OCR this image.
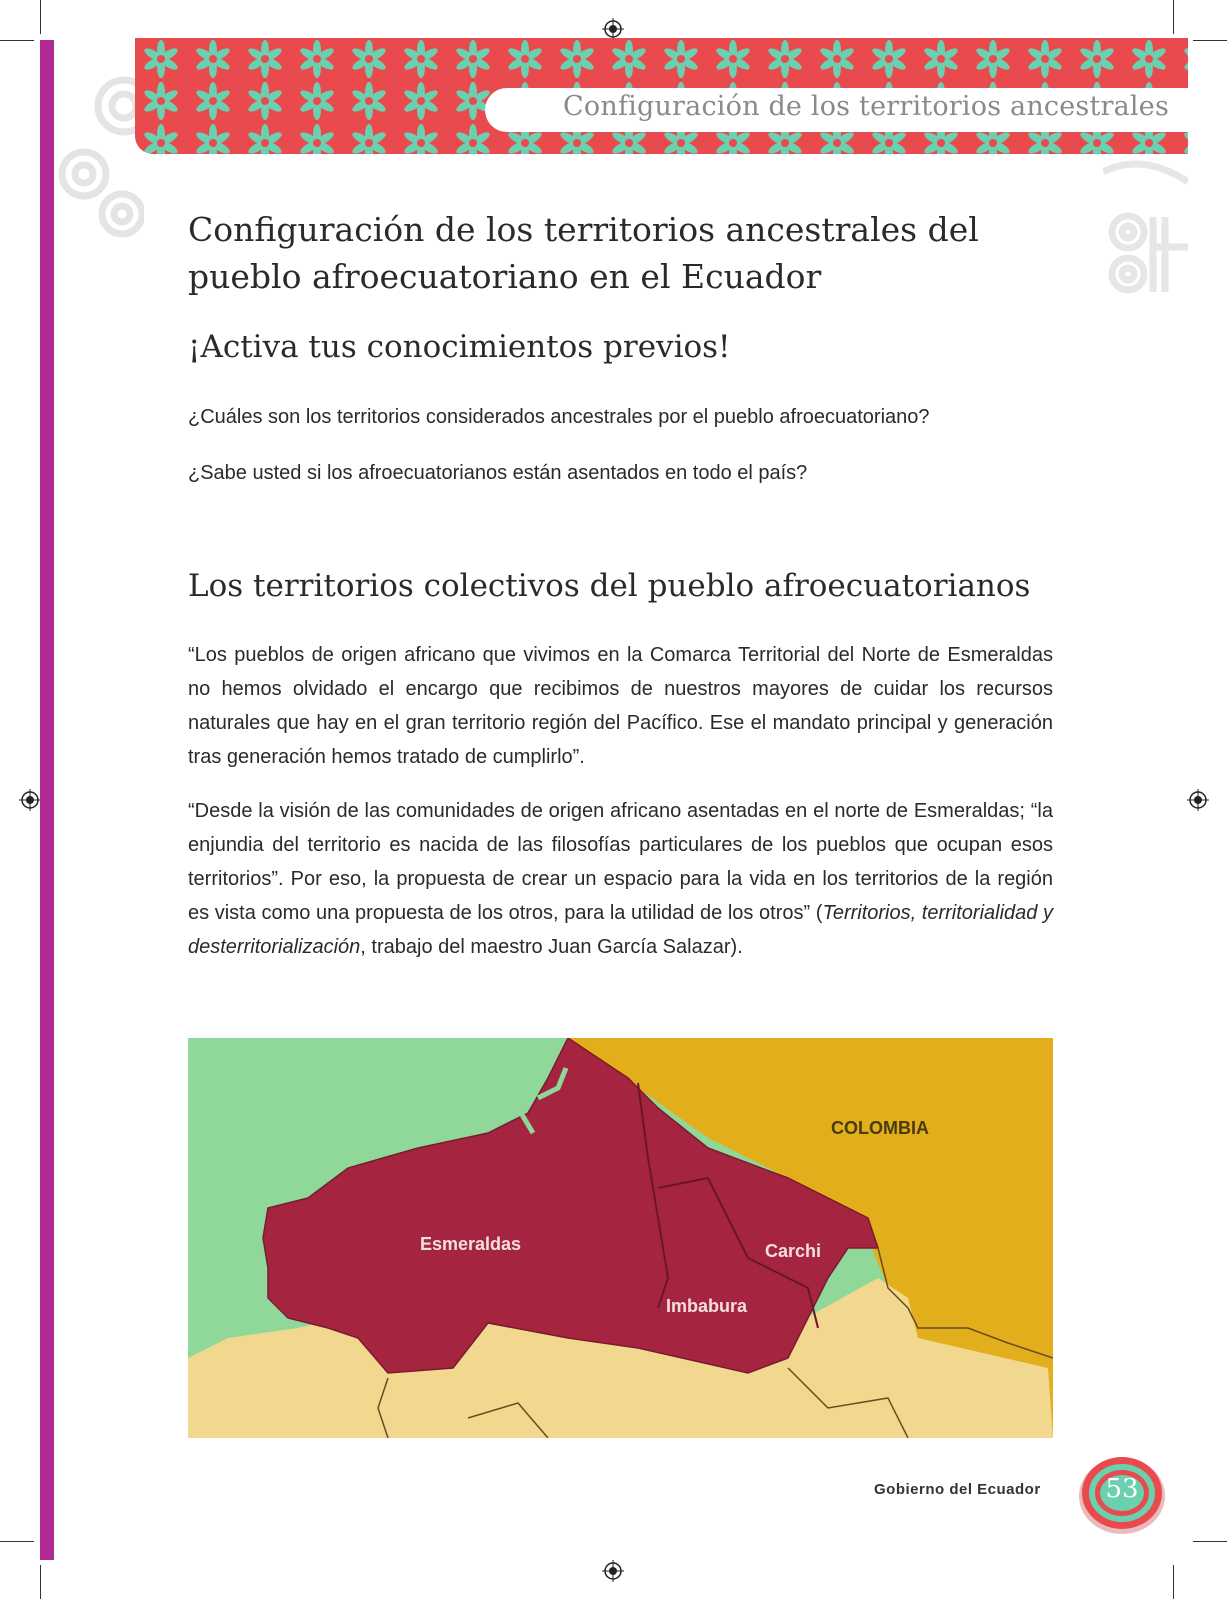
Configuración de los territorios ancestrales
Configuración de los territorios ancestrales del pueblo afroecuatoriano en el Ecuador
¡Activa tus conocimientos previos!
¿Cuáles son los territorios considerados ancestrales por el pueblo afroecuatoriano?
¿Sabe usted si los afroecuatorianos están asentados en todo el país?
Los territorios colectivos del pueblo afroecuatorianos

“Los pueblos de origen africano que vivimos en la Comarca Territorial del Norte de Esmeraldas no hemos olvidado el encargo que recibimos de nuestros mayores de cuidar los recursos naturales que hay en el gran territorio región del Pacífico. Ese el mandato principal y generación tras generación hemos tratado de cumplirlo”.

“Desde la visión de las comunidades de origen africano asentadas en el norte de Esmeraldas; “la enjundia del territorio es nacida de las filosofías particulares de los pueblos que ocupan esos territorios”. Por eso, la propuesta de crear un espacio para la vida en los territorios de la región es vista como una propuesta de los otros, para la utilidad de los otros” (Territorios, territorialidad y desterritorialización, trabajo del maestro Juan García Salazar).

COLOMBIA
Esmeraldas	Carchi
Imbabura
Gobierno del Ecuador	53
